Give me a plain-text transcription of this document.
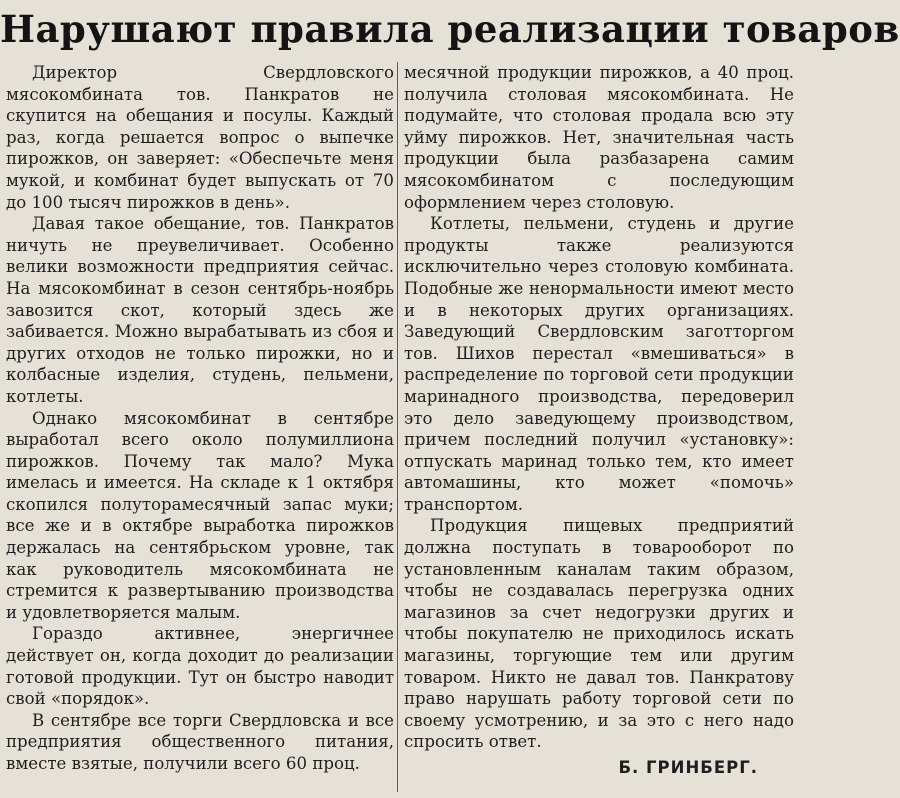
Нарушают правила реализации товаров

Директор Свердловского мясокомбината тов. Панкратов не скупится на обещания и посулы. Каждый раз, когда решается вопрос о выпечке пирожков, он заверяет: «Обеспечьте меня мукой, и комбинат будет выпускать от 70 до 100 тысяч пирожков в день».

Давая такое обещание, тов. Панкратов ничуть не преувеличивает. Особенно велики возможности предприятия сейчас. На мясокомбинат в сезон сентябрь-ноябрь завозится скот, который здесь же забивается. Можно вырабатывать из сбоя и других отходов не только пирожки, но и колбасные изделия, студень, пельмени, котлеты.

Однако мясокомбинат в сентябре выработал всего около полумиллиона пирожков. Почему так мало? Мука имелась и имеется. На складе к 1 октября скопился полуторамесячный запас муки; все же и в октябре выработка пирожков держалась на сентябрьском уровне, так как руководитель мясокомбината не стремится к развертыванию производства и удовлетворяется малым.

Гораздо активнее, энергичнее действует он, когда доходит до реализации готовой продукции. Тут он быстро наводит свой «порядок».

В сентябре все торги Свердловска и все предприятия общественного питания, вместе взятые, получили всего 60 проц.

месячной продукции пирожков, а 40 проц. получила столовая мясокомбината. Не подумайте, что столовая продала всю эту уйму пирожков. Нет, значительная часть продукции была разбазарена самим мясокомбинатом с последующим оформлением через столовую.

Котлеты, пельмени, студень и другие продукты также реализуются исключительно через столовую комбината. Подобные же ненормальности имеют место и в некоторых других организациях. Заведующий Свердловским заготторгом тов. Шихов перестал «вмешиваться» в распределение по торговой сети продукции маринадного производства, передоверил это дело заведующему производством, причем последний получил «установку»: отпускать маринад только тем, кто имеет автомашины, кто может «помочь» транспортом.

Продукция пищевых предприятий должна поступать в товарооборот по установленным каналам таким образом, чтобы не создавалась перегрузка одних магазинов за счет недогрузки других и чтобы покупателю не приходилось искать магазины, торгующие тем или другим товаром. Никто не давал тов. Панкратову право нарушать работу торговой сети по своему усмотрению, и за это с него надо спросить ответ.

Б. ГРИНБЕРГ.
